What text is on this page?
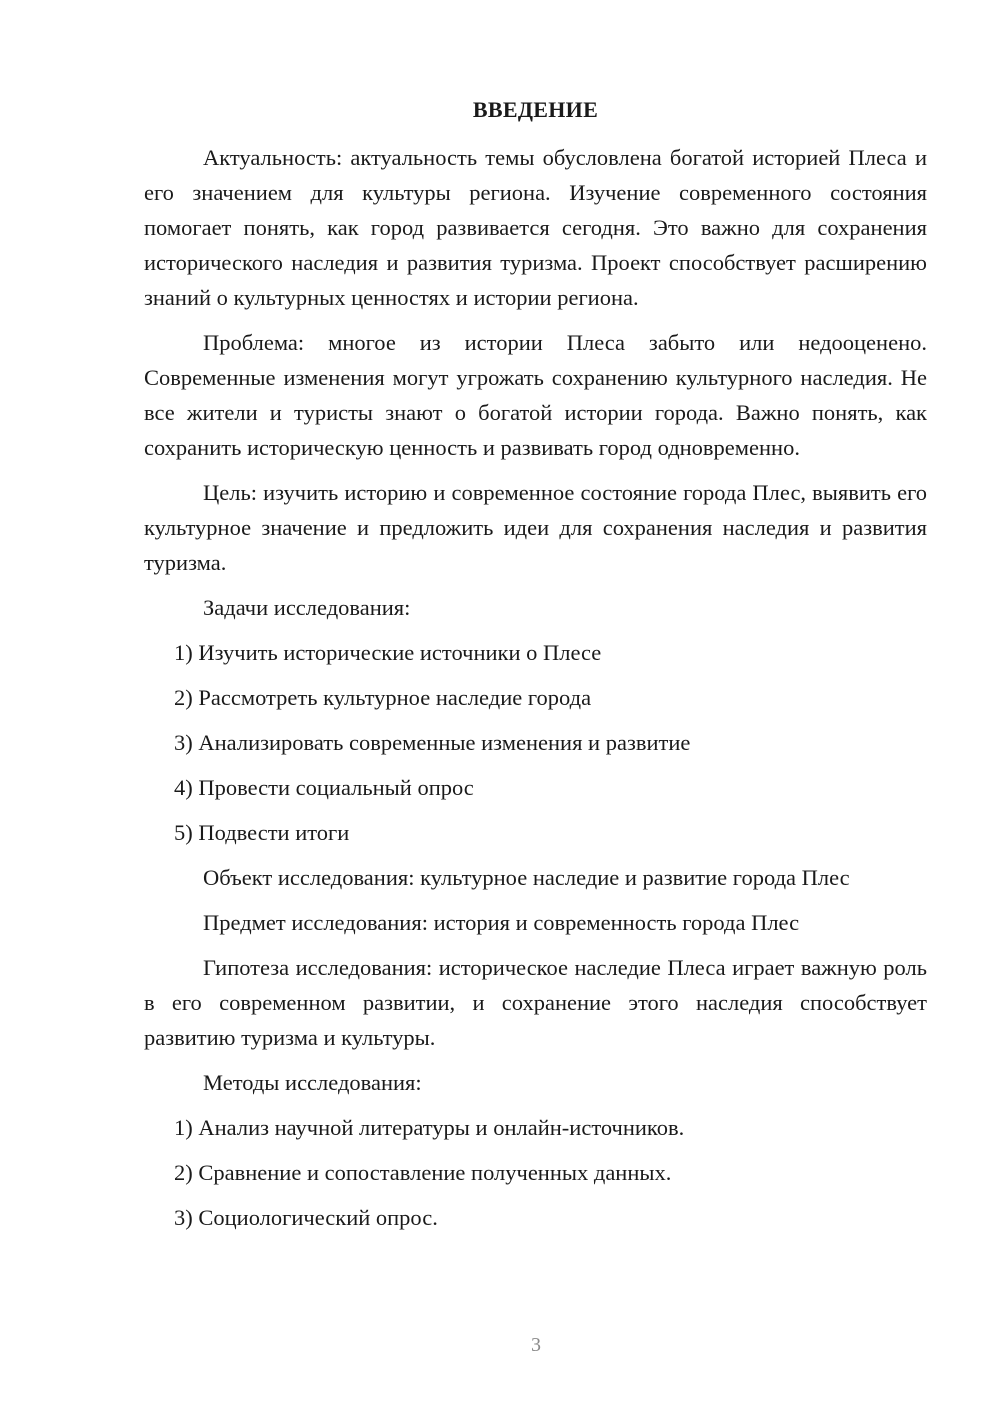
ВВЕДЕНИЕ

Актуальность: актуальность темы обусловлена богатой историей Плеса и его значением для культуры региона. Изучение современного состояния помогает понять, как город развивается сегодня. Это важно для сохранения исторического наследия и развития туризма. Проект способствует расширению знаний о культурных ценностях и истории региона.

Проблема: многое из истории Плеса забыто или недооценено. Современные изменения могут угрожать сохранению культурного наследия. Не все жители и туристы знают о богатой истории города. Важно понять, как сохранить историческую ценность и развивать город одновременно.

Цель: изучить историю и современное состояние города Плес, выявить его культурное значение и предложить идеи для сохранения наследия и развития туризма.

Задачи исследования:

1) Изучить исторические источники о Плесе
2) Рассмотреть культурное наследие города
3) Анализировать современные изменения и развитие
4) Провести социальный опрос
5) Подвести итоги

Объект исследования: культурное наследие и развитие города Плес

Предмет исследования: история и современность города Плес

Гипотеза исследования: историческое наследие Плеса играет важную роль в его современном развитии, и сохранение этого наследия способствует развитию туризма и культуры.

Методы исследования:

1) Анализ научной литературы и онлайн-источников.
2) Сравнение и сопоставление полученных данных.
3) Социологический опрос.
3
